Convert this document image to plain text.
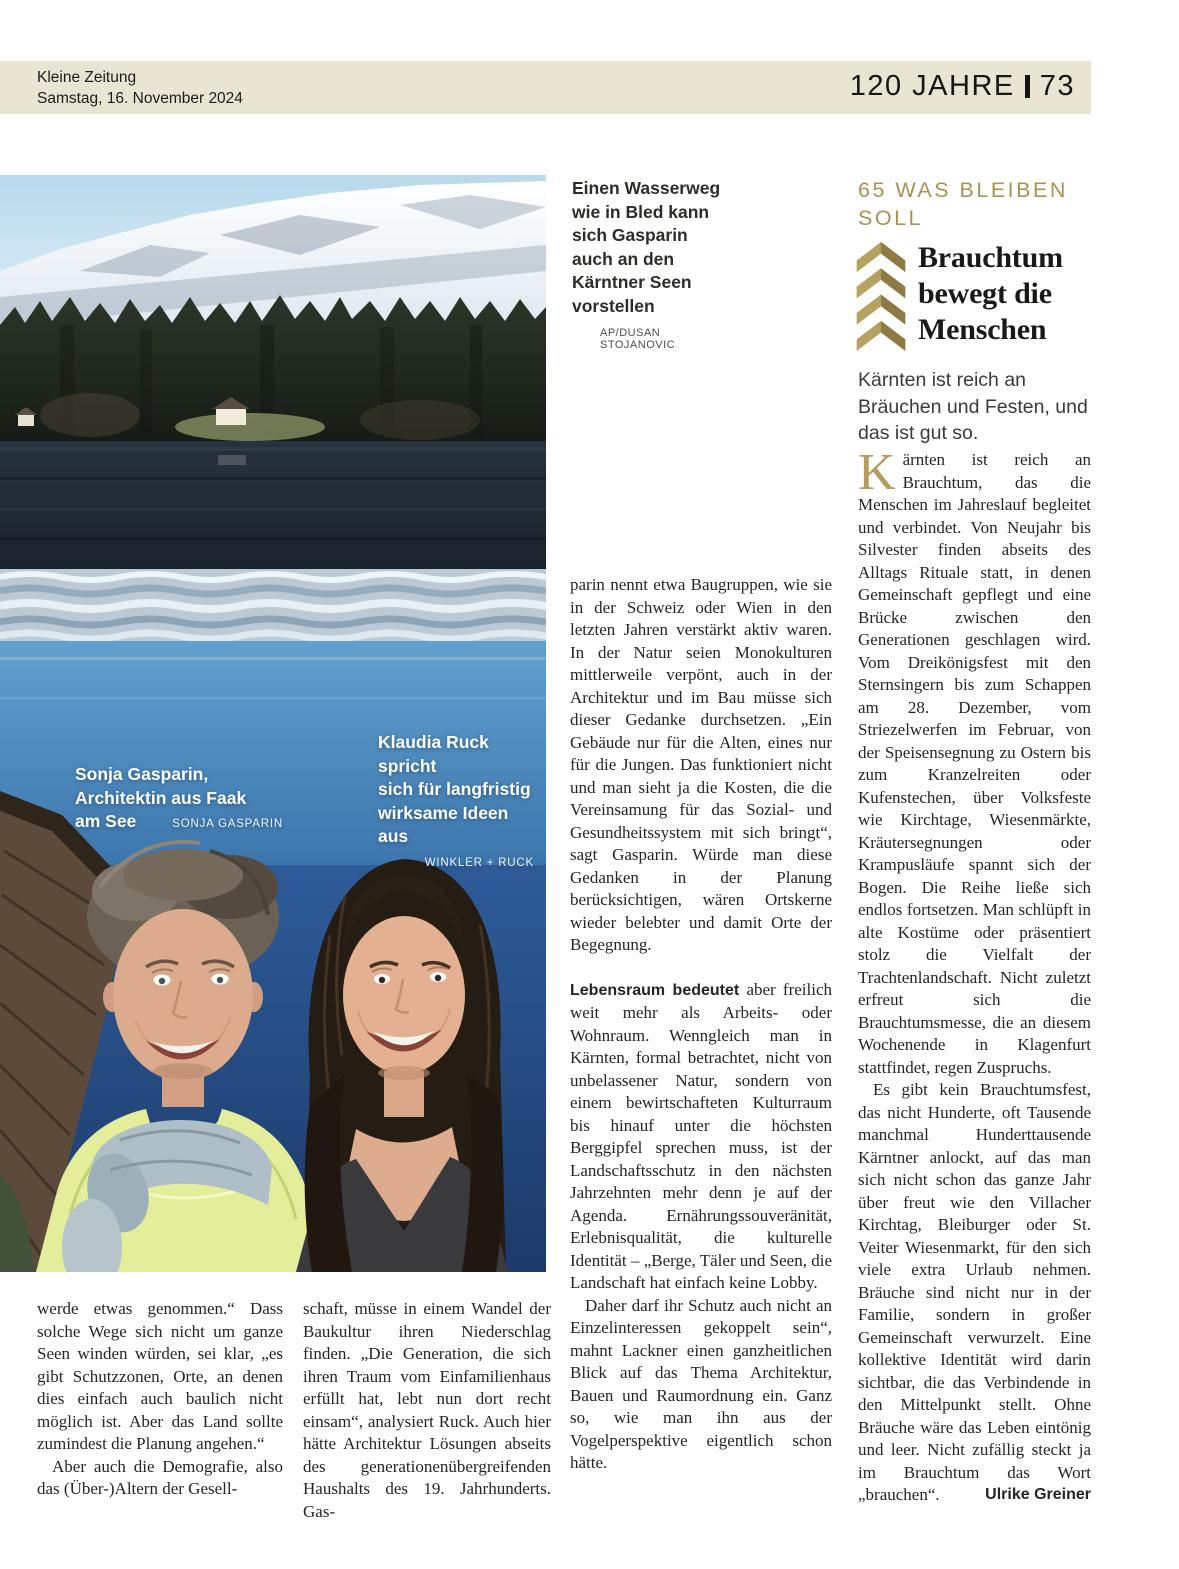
Kleine Zeitung
Samstag, 16. November 2024	120 JAHRE 73
Sonja Gasparin,
Architektin aus Faak
am See	SONJA GASPARIN
Klaudia Ruck spricht
sich für langfristig
wirksame Ideen aus
WINKLER + RUCK
Einen Wasserweg wie in Bled kann sich Gasparin auch an den Kärntner Seen vorstellen
AP/DUSAN STOJANOVIC

werde etwas genommen.“ Dass solche Wege sich nicht um ganze Seen winden würden, sei klar, „es gibt Schutzzonen, Orte, an denen dies einfach auch baulich nicht möglich ist. Aber das Land sollte zumindest die Planung angehen.“

Aber auch die Demografie, also das (Über-)Altern der Gesell-

schaft, müsse in einem Wandel der Baukultur ihren Niederschlag finden. „Die Generation, die sich ihren Traum vom Einfamilienhaus erfüllt hat, lebt nun dort recht einsam“, analysiert Ruck. Auch hier hätte Architektur Lösungen abseits des generationenübergreifenden Haushalts des 19. Jahrhunderts. Gas-

parin nennt etwa Baugruppen, wie sie in der Schweiz oder Wien in den letzten Jahren verstärkt aktiv waren. In der Natur seien Monokulturen mittlerweile verpönt, auch in der Architektur und im Bau müsse sich dieser Gedanke durchsetzen. „Ein Gebäude nur für die Alten, eines nur für die Jungen. Das funktioniert nicht und man sieht ja die Kosten, die die Vereinsamung für das Sozial- und Gesundheitssystem mit sich bringt“, sagt Gasparin. Würde man diese Gedanken in der Planung berücksichtigen, wären Ortskerne wieder belebter und damit Orte der Begegnung.

Lebensraum bedeutet aber freilich weit mehr als Arbeits- oder Wohnraum. Wenngleich man in Kärnten, formal betrachtet, nicht von unbelassener Natur, sondern von einem bewirtschafteten Kulturraum bis hinauf unter die höchsten Berggipfel sprechen muss, ist der Landschaftsschutz in den nächsten Jahrzehnten mehr denn je auf der Agenda. Ernährungssouveränität, Erlebnisqualität, die kulturelle Identität – „Berge, Täler und Seen, die Landschaft hat einfach keine Lobby.

Daher darf ihr Schutz auch nicht an Einzelinteressen gekoppelt sein“, mahnt Lackner einen ganzheitlichen Blick auf das Thema Architektur, Bauen und Raumordnung ein. Ganz so, wie man ihn aus der Vogelperspektive eigentlich schon hätte.

65 WAS BLEIBEN SOLL
Brauchtum bewegt die Menschen
Kärnten ist reich an Bräuchen und Festen, und das ist gut so.

Kärnten ist reich an Brauchtum, das die Menschen im Jahreslauf begleitet und verbindet. Von Neujahr bis Silvester finden abseits des Alltags Rituale statt, in denen Gemeinschaft gepflegt und eine Brücke zwischen den Generationen geschlagen wird. Vom Dreikönigsfest mit den Sternsingern bis zum Schappen am 28. Dezember, vom Striezelwerfen im Februar, von der Speisensegnung zu Ostern bis zum Kranzelreiten oder Kufenstechen, über Volksfeste wie Kirchtage, Wiesenmärkte, Kräutersegnungen oder Krampusläufe spannt sich der Bogen. Die Reihe ließe sich endlos fortsetzen. Man schlüpft in alte Kostüme oder präsentiert stolz die Vielfalt der Trachtenlandschaft. Nicht zuletzt erfreut sich die Brauchtumsmesse, die an diesem Wochenende in Klagenfurt stattfindet, regen Zuspruchs.

Es gibt kein Brauchtumsfest, das nicht Hunderte, oft Tausende manchmal Hunderttausende Kärntner anlockt, auf das man sich nicht schon das ganze Jahr über freut wie den Villacher Kirchtag, Bleiburger oder St. Veiter Wiesenmarkt, für den sich viele extra Urlaub nehmen. Bräuche sind nicht nur in der Familie, sondern in großer Gemeinschaft verwurzelt. Eine kollektive Identität wird darin sichtbar, die das Verbindende in den Mittelpunkt stellt. Ohne Bräuche wäre das Leben eintönig und leer. Nicht zufällig steckt ja im Brauchtum das Wort „brauchen“.	Ulrike Greiner
